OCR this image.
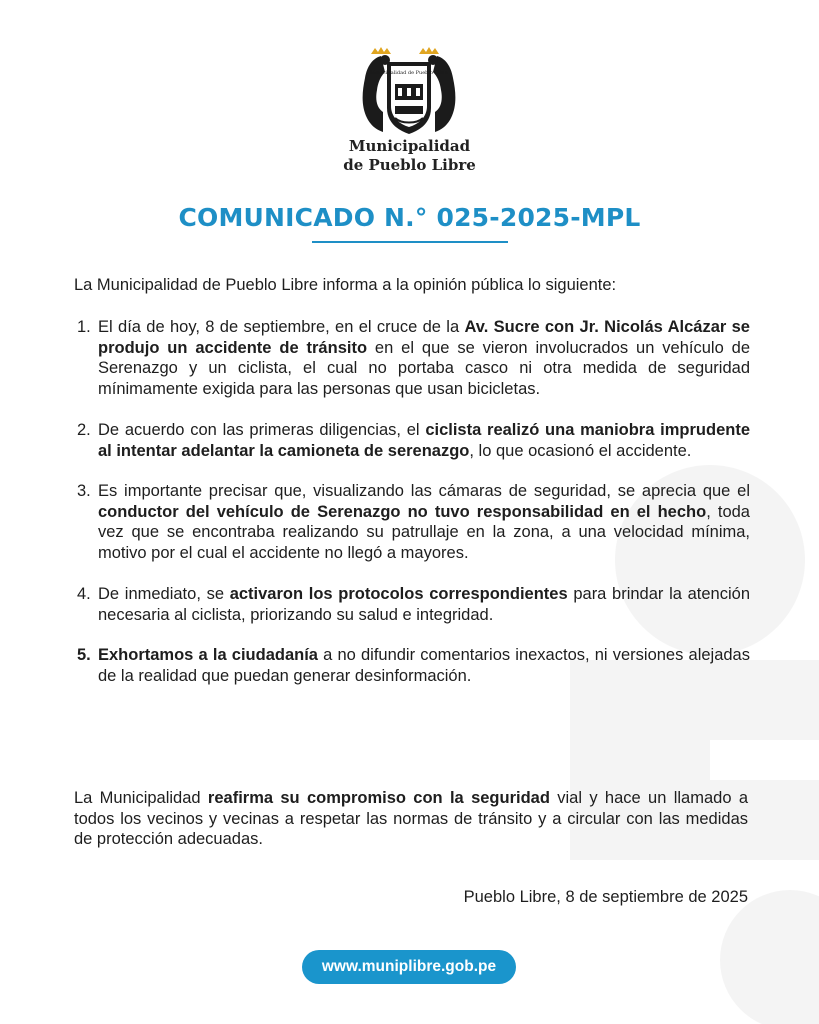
Municipalidad de Pueblo Libre
Municipalidad
de Pueblo Libre
COMUNICADO N.° 025-2025-MPL
La Municipalidad de Pueblo Libre informa a la opinión pública lo siguiente:
1. El día de hoy, 8 de septiembre, en el cruce de la Av. Sucre con Jr. Nicolás Alcázar se produjo un accidente de tránsito en el que se vieron involucrados un vehículo de Serenazgo y un ciclista, el cual no portaba casco ni otra medida de seguridad mínimamente exigida para las personas que usan bicicletas.
2. De acuerdo con las primeras diligencias, el ciclista realizó una maniobra imprudente al intentar adelantar la camioneta de serenazgo, lo que ocasionó el accidente.
3. Es importante precisar que, visualizando las cámaras de seguridad, se aprecia que el conductor del vehículo de Serenazgo no tuvo responsabilidad en el hecho, toda vez que se encontraba realizando su patrullaje en la zona, a una velocidad mínima, motivo por el cual el accidente no llegó a mayores.
4. De inmediato, se activaron los protocolos correspondientes para brindar la atención necesaria al ciclista, priorizando su salud e integridad.
5. Exhortamos a la ciudadanía a no difundir comentarios inexactos, ni versiones alejadas de la realidad que puedan generar desinformación.
La Municipalidad reafirma su compromiso con la seguridad vial y hace un llamado a todos los vecinos y vecinas a respetar las normas de tránsito y a circular con las medidas de protección adecuadas.
Pueblo Libre, 8 de septiembre de 2025
www.muniplibre.gob.pe
